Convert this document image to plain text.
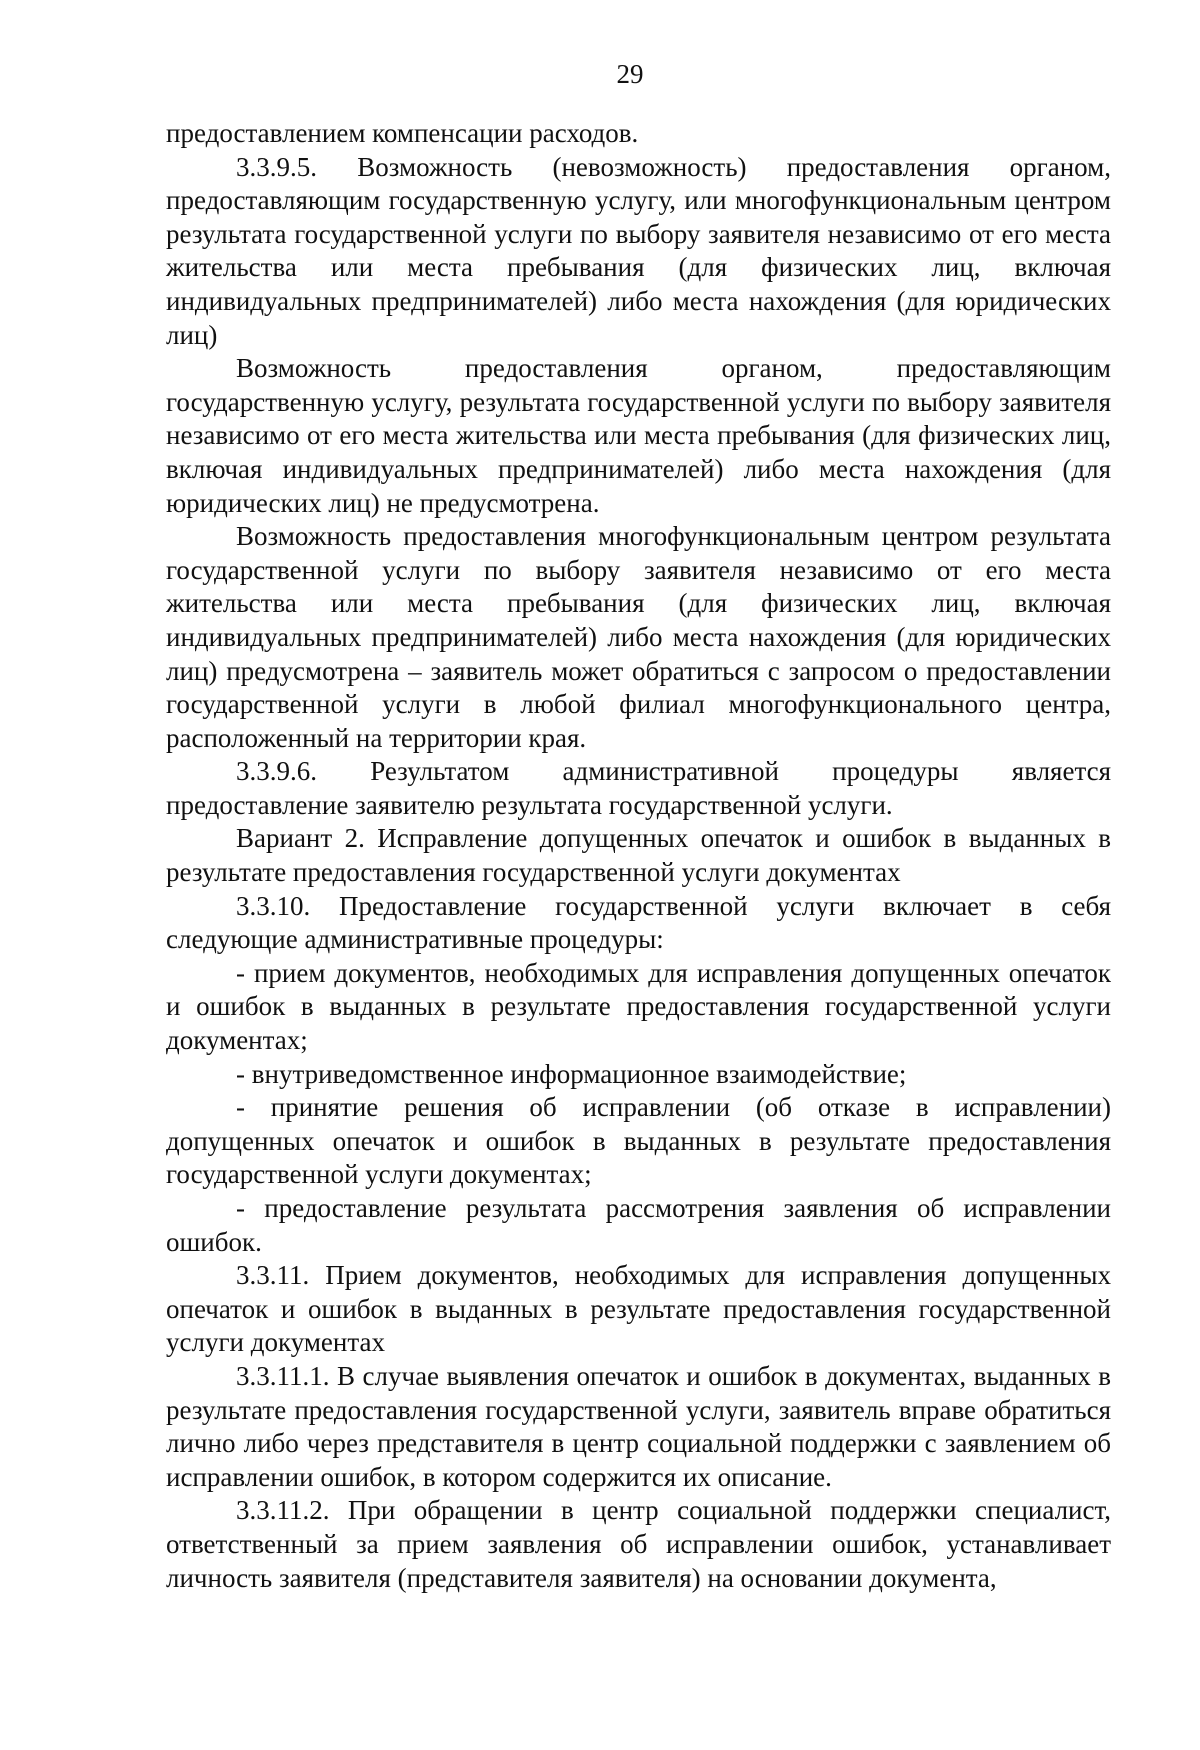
29

предоставлением компенсации расходов.

3.3.9.5. Возможность (невозможность) предоставления органом, предоставляющим государственную услугу, или многофункциональным центром результата государственной услуги по выбору заявителя независимо от его места жительства или места пребывания (для физических лиц, включая индивидуальных предпринимателей) либо места нахождения (для юридических лиц)

Возможность предоставления органом, предоставляющим государственную услугу, результата государственной услуги по выбору заявителя независимо от его места жительства или места пребывания (для физических лиц, включая индивидуальных предпринимателей) либо места нахождения (для юридических лиц) не предусмотрена.

Возможность предоставления многофункциональным центром результата государственной услуги по выбору заявителя независимо от его места жительства или места пребывания (для физических лиц, включая индивидуальных предпринимателей) либо места нахождения (для юридических лиц) предусмотрена – заявитель может обратиться с запросом о предоставлении государственной услуги в любой филиал многофункционального центра, расположенный на территории края.

3.3.9.6. Результатом административной процедуры является предоставление заявителю результата государственной услуги.

Вариант 2. Исправление допущенных опечаток и ошибок в выданных в результате предоставления государственной услуги документах

3.3.10. Предоставление государственной услуги включает в себя следующие административные процедуры:

- прием документов, необходимых для исправления допущенных опечаток и ошибок в выданных в результате предоставления государственной услуги документах;

- внутриведомственное информационное взаимодействие;

- принятие решения об исправлении (об отказе в исправлении) допущенных опечаток и ошибок в выданных в результате предоставления государственной услуги документах;

- предоставление результата рассмотрения заявления об исправлении ошибок.

3.3.11. Прием документов, необходимых для исправления допущенных опечаток и ошибок в выданных в результате предоставления государственной услуги документах

3.3.11.1. В случае выявления опечаток и ошибок в документах, выданных в результате предоставления государственной услуги, заявитель вправе обратиться лично либо через представителя в центр социальной поддержки с заявлением об исправлении ошибок, в котором содержится их описание.

3.3.11.2. При обращении в центр социальной поддержки специалист, ответственный за прием заявления об исправлении ошибок, устанавливает личность заявителя (представителя заявителя) на основании документа,
